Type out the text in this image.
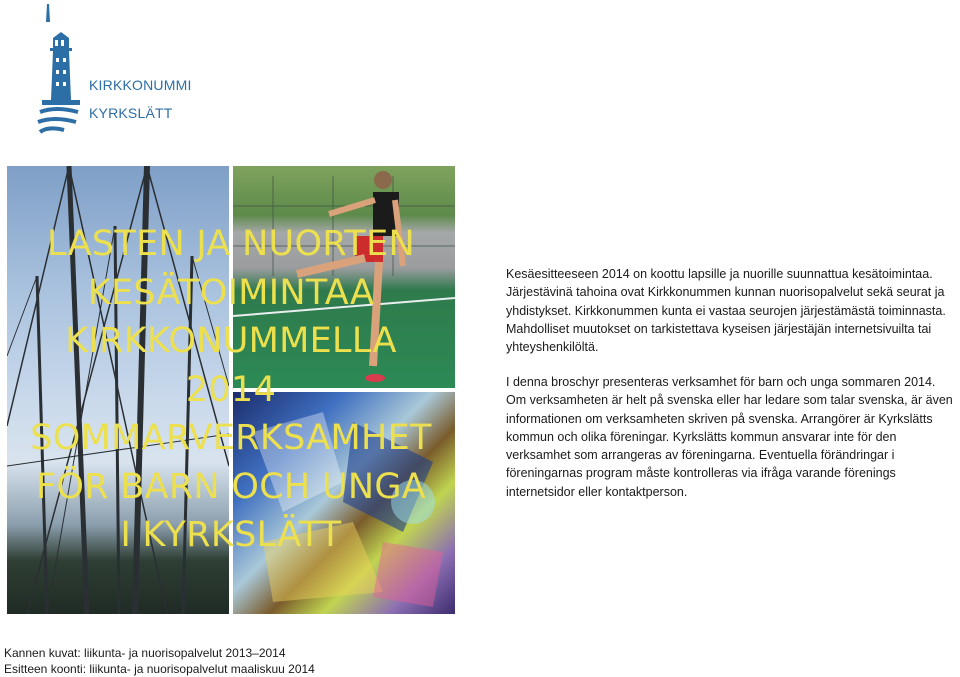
KIRKKONUMMI
KYRKSLÄTT
LASTEN JA NUORTEN
KESÄTOIMINTAA
KIRKKONUMMELLA
2014
SOMMARVERKSAMHET
FÖR BARN OCH UNGA
I KYRKSLÄTT

Kesäesitteeseen 2014 on koottu lapsille ja nuorille suunnattua kesätoimintaa. Järjestävinä tahoina ovat Kirkkonummen kunnan nuorisopalvelut sekä seurat ja yhdistykset. Kirkkonummen kunta ei vastaa seurojen järjestämästä toiminnasta. Mahdolliset muutokset on tarkistettava kyseisen järjestäjän internetsivuilta tai yhteyshenkilöltä.

I denna broschyr presenteras verksamhet för barn och unga sommaren 2014. Om verksamheten är helt på svenska eller har ledare som talar svenska, är även informationen om verksamheten skriven på svenska. Arrangörer är Kyrkslätts kommun och olika föreningar. Kyrkslätts kommun ansvarar inte för den verksamhet som arrangeras av föreningarna. Eventuella förändringar i föreningarnas program måste kontrolleras via ifråga varande förenings internetsidor eller kontaktperson.

Kannen kuvat: liikunta- ja nuorisopalvelut 2013–2014
Esitteen koonti: liikunta- ja nuorisopalvelut maaliskuu 2014
